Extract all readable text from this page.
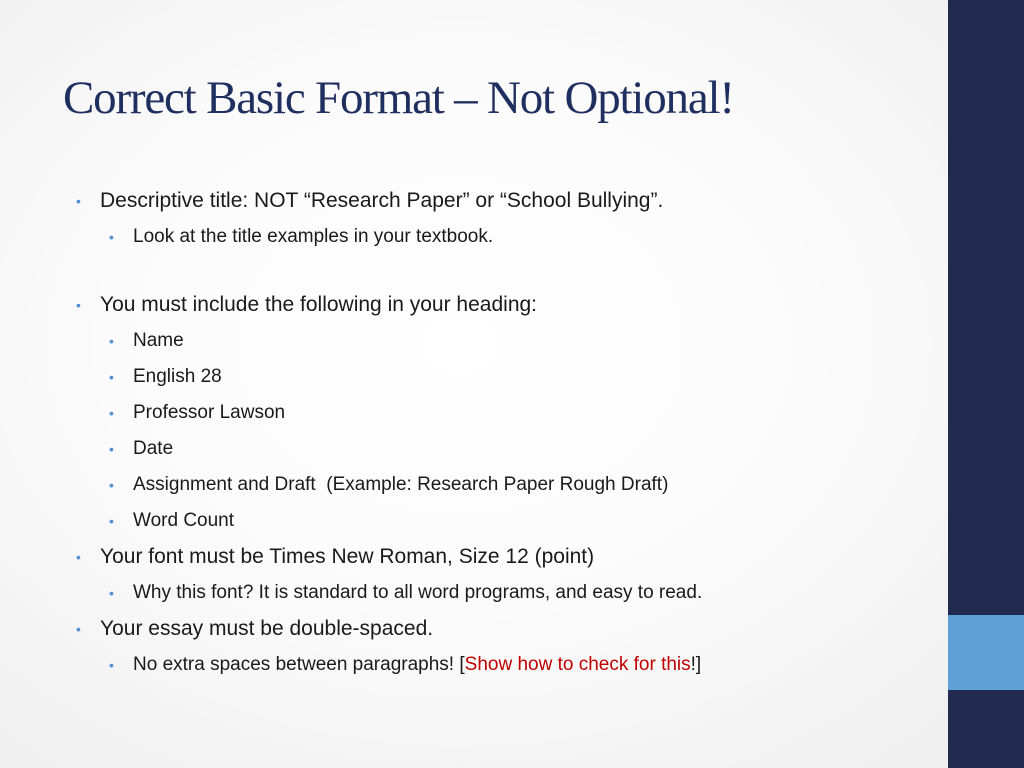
Correct Basic Format – Not Optional!
• Descriptive title: NOT “Research Paper” or “School Bullying”.
• Look at the title examples in your textbook.
• You must include the following in your heading:
• Name
• English 28
• Professor Lawson
• Date
• Assignment and Draft  (Example: Research Paper Rough Draft)
• Word Count
• Your font must be Times New Roman, Size 12 (point)
• Why this font? It is standard to all word programs, and easy to read.
• Your essay must be double-spaced.
• No extra spaces between paragraphs! [Show how to check for this!]
